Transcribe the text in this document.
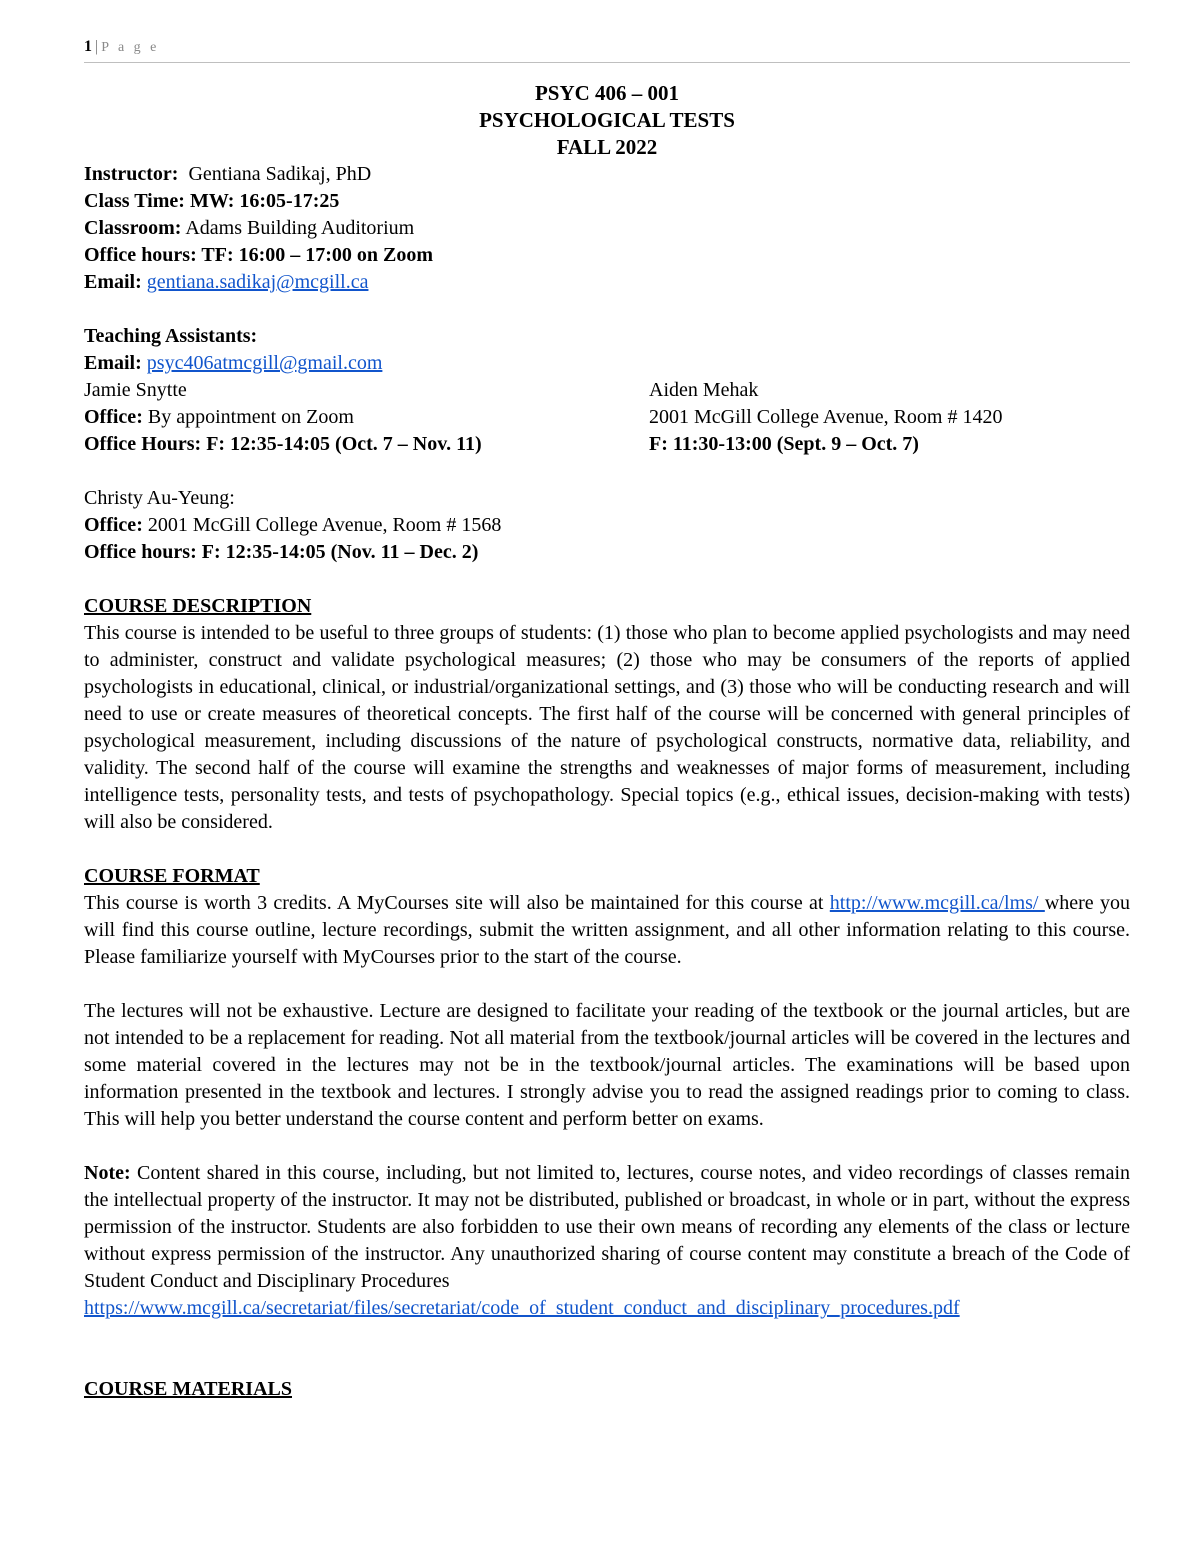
1 | P a g e
PSYC 406 – 001
PSYCHOLOGICAL TESTS
FALL 2022
Instructor: Gentiana Sadikaj, PhD
Class Time: MW: 16:05-17:25
Classroom: Adams Building Auditorium
Office hours: TF: 16:00 – 17:00 on Zoom
Email: gentiana.sadikaj@mcgill.ca
Teaching Assistants:
Email: psyc406atmcgill@gmail.com
Jamie Snytte
Office: By appointment on Zoom
Office Hours: F: 12:35-14:05 (Oct. 7 – Nov. 11)
Aiden Mehak
2001 McGill College Avenue, Room # 1420
F: 11:30-13:00 (Sept. 9 – Oct. 7)
Christy Au-Yeung:
Office: 2001 McGill College Avenue, Room # 1568
Office hours: F: 12:35-14:05 (Nov. 11 – Dec. 2)
COURSE DESCRIPTION
This course is intended to be useful to three groups of students: (1) those who plan to become applied psychologists and may need to administer, construct and validate psychological measures; (2) those who may be consumers of the reports of applied psychologists in educational, clinical, or industrial/organizational settings, and (3) those who will be conducting research and will need to use or create measures of theoretical concepts. The first half of the course will be concerned with general principles of psychological measurement, including discussions of the nature of psychological constructs, normative data, reliability, and validity. The second half of the course will examine the strengths and weaknesses of major forms of measurement, including intelligence tests, personality tests, and tests of psychopathology. Special topics (e.g., ethical issues, decision-making with tests) will also be considered.
COURSE FORMAT
This course is worth 3 credits. A MyCourses site will also be maintained for this course at http://www.mcgill.ca/lms/ where you will find this course outline, lecture recordings, submit the written assignment, and all other information relating to this course. Please familiarize yourself with MyCourses prior to the start of the course.
The lectures will not be exhaustive. Lecture are designed to facilitate your reading of the textbook or the journal articles, but are not intended to be a replacement for reading. Not all material from the textbook/journal articles will be covered in the lectures and some material covered in the lectures may not be in the textbook/journal articles. The examinations will be based upon information presented in the textbook and lectures. I strongly advise you to read the assigned readings prior to coming to class. This will help you better understand the course content and perform better on exams.
Note: Content shared in this course, including, but not limited to, lectures, course notes, and video recordings of classes remain the intellectual property of the instructor. It may not be distributed, published or broadcast, in whole or in part, without the express permission of the instructor. Students are also forbidden to use their own means of recording any elements of the class or lecture without express permission of the instructor. Any unauthorized sharing of course content may constitute a breach of the Code of Student Conduct and Disciplinary Procedures
https://www.mcgill.ca/secretariat/files/secretariat/code_of_student_conduct_and_disciplinary_procedures.pdf
COURSE MATERIALS
